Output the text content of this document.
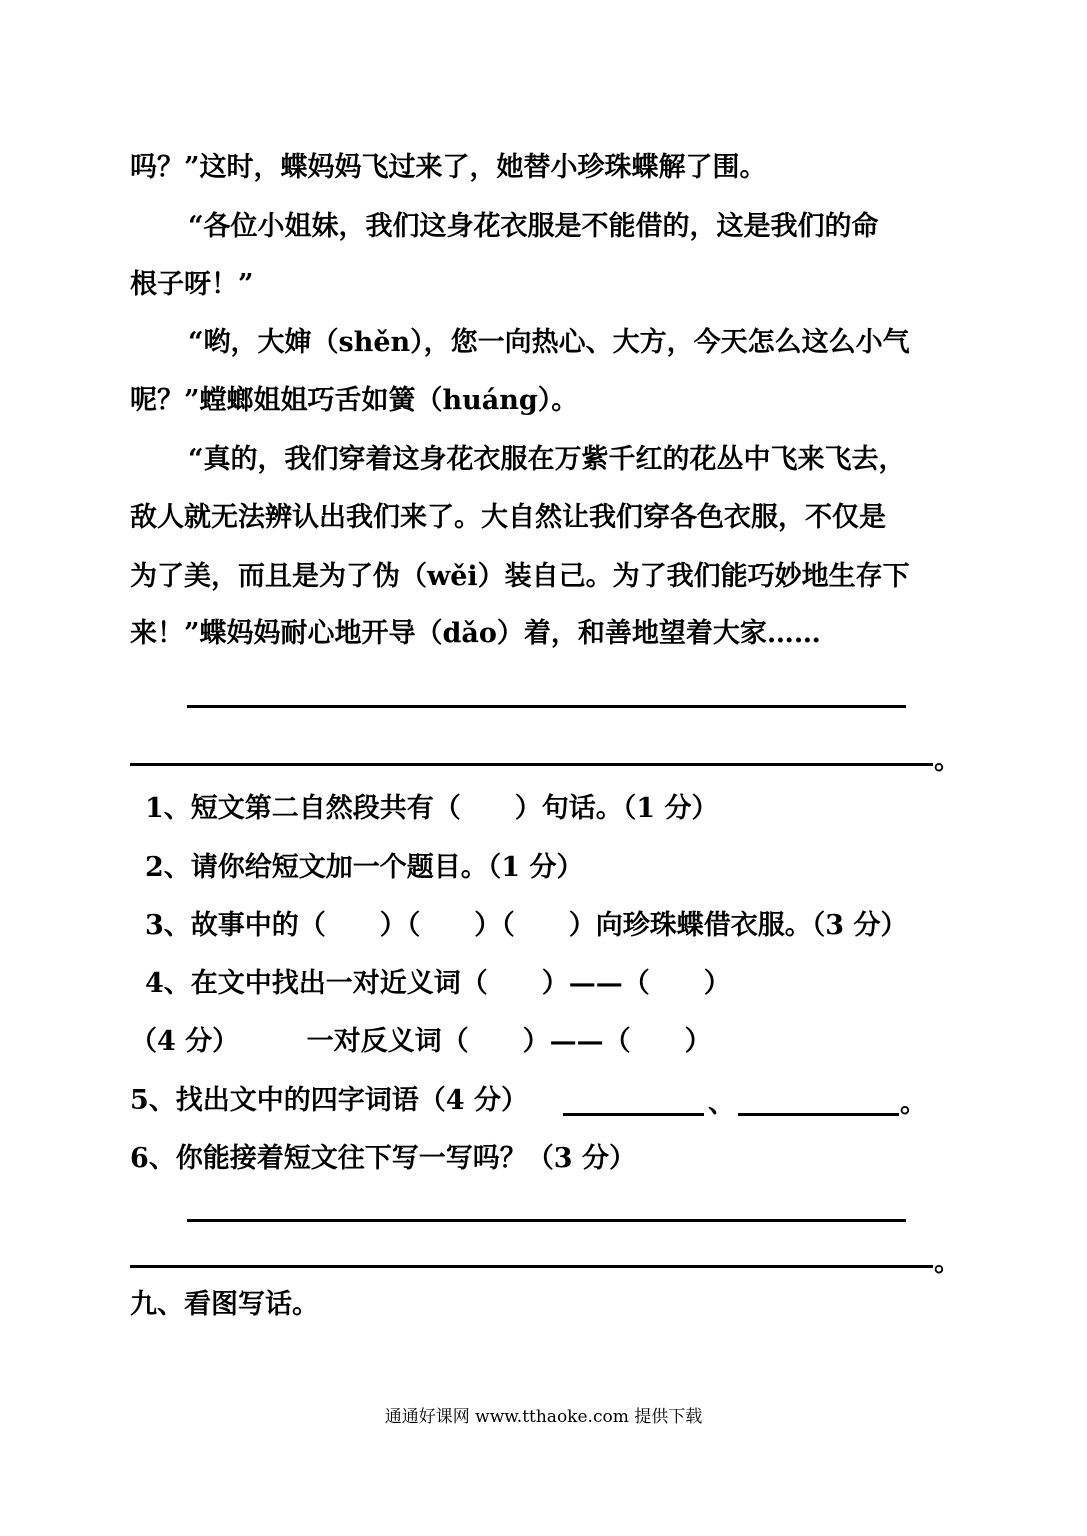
吗？”这时，蝶妈妈飞过来了，她替小珍珠蝶解了围。
“各位小姐妹，我们这身花衣服是不能借的，这是我们的命
根子呀！”
“哟，大婶（shěn），您一向热心、大方，今天怎么这么小气
呢？”螳螂姐姐巧舌如簧（huáng）。
“真的，我们穿着这身花衣服在万紫千红的花丛中飞来飞去，
敌人就无法辨认出我们来了。大自然让我们穿各色衣服，不仅是
为了美，而且是为了伪（wěi）装自己。为了我们能巧妙地生存下
来！”蝶妈妈耐心地开导（dǎo）着，和善地望着大家……
。
1、短文第二自然段共有（　　）句话。（1 分）
2、请你给短文加一个题目。（1 分）
3、故事中的（　　）（　　）（　　）向珍珠蝶借衣服。（3 分）
4、在文中找出一对近义词（　　）——（　　）
（4 分）　　　一对反义词（　　）——（　　）
5、找出文中的四字词语（4 分）	、	。
6、你能接着短文往下写一写吗？（3 分）
。
九、看图写话。
通通好课网 www.tthaoke.com 提供下载
